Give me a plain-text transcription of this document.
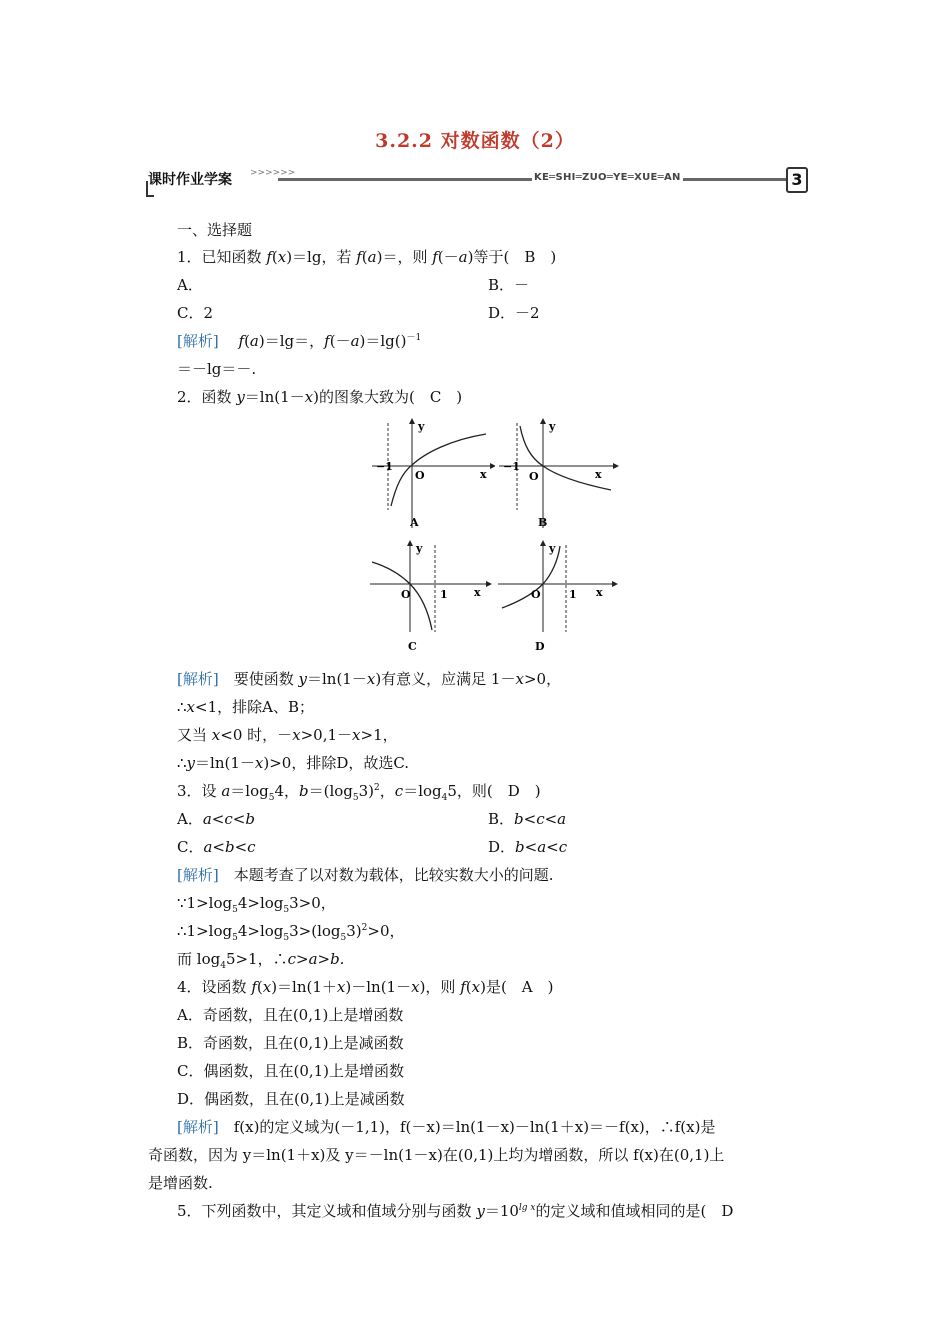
3.2.2 对数函数（2）
课时作业学案 >>>>>>	KE═SHI═ZUO═YE═XUE═AN	3
一、选择题
1．已知函数 f(x)＝lg，若 f(a)＝，则 f(－a)等于(　B　)
A．	B．－
C．2	D．－2
[解析]　 f(a)＝lg＝，f(－a)＝lg()$^{-1}$
＝－lg＝－.
2．函数 y＝ln(1－x)的图象大致为(　C　)
−1
O
y
x
A
−1
O
y
x
B
O
y
1 x
C
O
y
1 x
D
[解析]　要使函数 y＝ln(1－x)有意义，应满足 1－x>0，
∴x<1，排除A、B；
又当 x<0 时，－x>0,1－x>1，
∴y＝ln(1－x)>0，排除D，故选C.
3．设 $a=\log_54$，$b=(\log_53)^2$，$c=\log_45$，则(　D　)
A．a<c<b	B．b<c<a
C．a<b<c	D．b<a<c
[解析]　本题考查了以对数为载体，比较实数大小的问题.
$\because 1>\log_54>\log_53>0$，
$\therefore 1>\log_54>\log_53>(\log_53)^2>0$，
而 $\log_45>1$，∴c>a>b.
4．设函数 f(x)＝ln(1＋x)－ln(1－x)，则 f(x)是(　A　)
A．奇函数，且在(0,1)上是增函数
B．奇函数，且在(0,1)上是减函数
C．偶函数，且在(0,1)上是增函数
D．偶函数，且在(0,1)上是减函数
[解析]　f(x)的定义域为(－1,1)，f(－x)＝ln(1－x)－ln(1＋x)＝－f(x)，∴f(x)是
奇函数，因为 y＝ln(1＋x)及 y＝－ln(1－x)在(0,1)上均为增函数，所以 f(x)在(0,1)上
是增函数.
5．下列函数中，其定义域和值域分别与函数 $y=10^{lg x}$的定义域和值域相同的是(　D
